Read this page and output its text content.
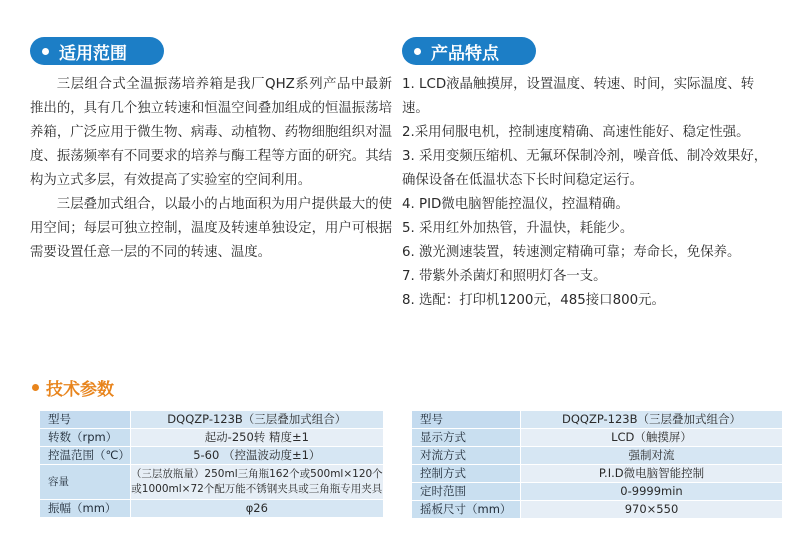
适用范围

三层组合式全温振荡培养箱是我厂QHZ系列产品中最新推出的，具有几个独立转速和恒温空间叠加组成的恒温振荡培养箱，广泛应用于微生物、病毒、动植物、药物细胞组织对温度、振荡频率有不同要求的培养与酶工程等方面的研究。其结构为立式多层，有效提高了实验室的空间利用。

三层叠加式组合，以最小的占地面积为用户提供最大的使用空间；每层可独立控制，温度及转速单独设定，用户可根据需要设置任意一层的不同的转速、温度。

产品特点
1. LCD液晶触摸屏，设置温度、转速、时间，实际温度、转速。
2.采用伺服电机，控制速度精确、高速性能好、稳定性强。
3. 采用变频压缩机、无氟环保制冷剂，噪音低、制冷效果好，确保设备在低温状态下长时间稳定运行。
4. PID微电脑智能控温仪，控温精确。
5. 采用红外加热管，升温快，耗能少。
6. 激光测速装置，转速测定精确可靠；寿命长，免保养。
7. 带紫外杀菌灯和照明灯各一支。
8. 选配：打印机1200元，485接口800元。
技术参数
型号	DQQZP-123B（三层叠加式组合）
转数（rpm）	起动-250转 精度±1
控温范围（℃）	5-60 （控温波动度±1）
容量	（三层放瓶量）250ml三角瓶162个或500ml×120个
或1000ml×72个配万能不锈钢夹具或三角瓶专用夹具

振幅（mm）	φ26
型号	DQQZP-123B（三层叠加式组合）
显示方式	LCD（触摸屏）
对流方式	强制对流
控制方式	P.I.D微电脑智能控制
定时范围	0-9999min
摇板尺寸（mm）	970×550
